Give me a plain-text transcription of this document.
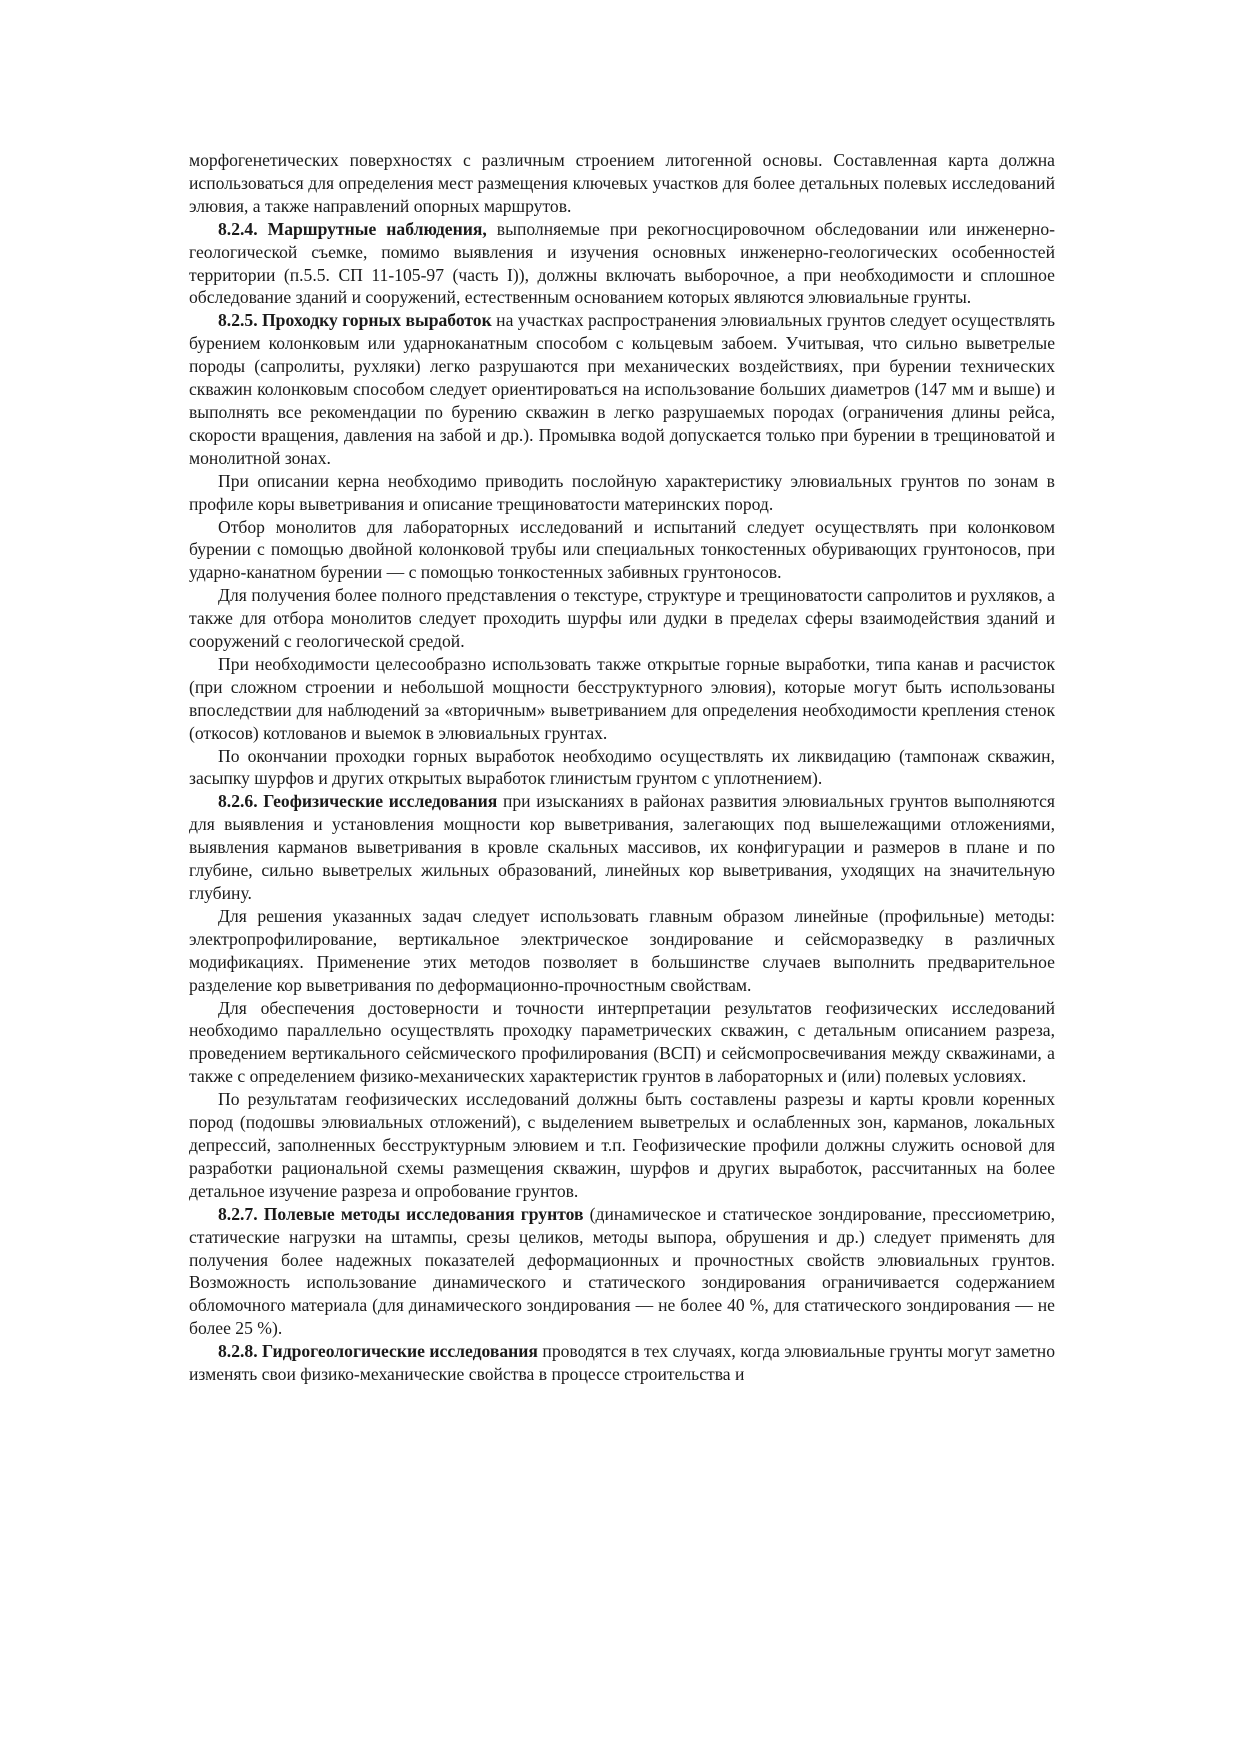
морфогенетических поверхностях с различным строением литогенной основы. Составленная карта должна использоваться для определения мест размещения ключевых участков для более детальных полевых исследований элювия, а также направлений опорных маршрутов.

8.2.4. Маршрутные наблюдения, выполняемые при рекогносцировочном обследовании или инженерно-геологической съемке, помимо выявления и изучения основных инженерно-геологических особенностей территории (п.5.5. СП 11-105-97 (часть I)), должны включать выборочное, а при необходимости и сплошное обследование зданий и сооружений, естественным основанием которых являются элювиальные грунты.

8.2.5. Проходку горных выработок на участках распространения элювиальных грунтов следует осуществлять бурением колонковым или ударноканатным способом с кольцевым забоем. Учитывая, что сильно выветрелые породы (сапролиты, рухляки) легко разрушаются при механических воздействиях, при бурении технических скважин колонковым способом следует ориентироваться на использование больших диаметров (147 мм и выше) и выполнять все рекомендации по бурению скважин в легко разрушаемых породах (ограничения длины рейса, скорости вращения, давления на забой и др.). Промывка водой допускается только при бурении в трещиноватой и монолитной зонах.

При описании керна необходимо приводить послойную характеристику элювиальных грунтов по зонам в профиле коры выветривания и описание трещиноватости материнских пород.

Отбор монолитов для лабораторных исследований и испытаний следует осуществлять при колонковом бурении с помощью двойной колонковой трубы или специальных тонкостенных обуривающих грунтоносов, при ударно-канатном бурении — с помощью тонкостенных забивных грунтоносов.

Для получения более полного представления о текстуре, структуре и трещиноватости сапролитов и рухляков, а также для отбора монолитов следует проходить шурфы или дудки в пределах сферы взаимодействия зданий и сооружений с геологической средой.

При необходимости целесообразно использовать также открытые горные выработки, типа канав и расчисток (при сложном строении и небольшой мощности бесструктурного элювия), которые могут быть использованы впоследствии для наблюдений за «вторичным» выветриванием для определения необходимости крепления стенок (откосов) котлованов и выемок в элювиальных грунтах.

По окончании проходки горных выработок необходимо осуществлять их ликвидацию (тампонаж скважин, засыпку шурфов и других открытых выработок глинистым грунтом с уплотнением).

8.2.6. Геофизические исследования при изысканиях в районах развития элювиальных грунтов выполняются для выявления и установления мощности кор выветривания, залегающих под вышележащими отложениями, выявления карманов выветривания в кровле скальных массивов, их конфигурации и размеров в плане и по глубине, сильно выветрелых жильных образований, линейных кор выветривания, уходящих на значительную глубину.

Для решения указанных задач следует использовать главным образом линейные (профильные) методы: электропрофилирование, вертикальное электрическое зондирование и сейсморазведку в различных модификациях. Применение этих методов позволяет в большинстве случаев выполнить предварительное разделение кор выветривания по деформационно-прочностным свойствам.

Для обеспечения достоверности и точности интерпретации результатов геофизических исследований необходимо параллельно осуществлять проходку параметрических скважин, с детальным описанием разреза, проведением вертикального сейсмического профилирования (ВСП) и сейсмопросвечивания между скважинами, а также с определением физико-механических характеристик грунтов в лабораторных и (или) полевых условиях.

По результатам геофизических исследований должны быть составлены разрезы и карты кровли коренных пород (подошвы элювиальных отложений), с выделением выветрелых и ослабленных зон, карманов, локальных депрессий, заполненных бесструктурным элювием и т.п. Геофизические профили должны служить основой для разработки рациональной схемы размещения скважин, шурфов и других выработок, рассчитанных на более детальное изучение разреза и опробование грунтов.

8.2.7. Полевые методы исследования грунтов (динамическое и статическое зондирование, прессиометрию, статические нагрузки на штампы, срезы целиков, методы выпора, обрушения и др.) следует применять для получения более надежных показателей деформационных и прочностных свойств элювиальных грунтов. Возможность использование динамического и статического зондирования ограничивается содержанием обломочного материала (для динамического зондирования — не более 40 %, для статического зондирования — не более 25 %).

8.2.8. Гидрогеологические исследования проводятся в тех случаях, когда элювиальные грунты могут заметно изменять свои физико-механические свойства в процессе строительства и
